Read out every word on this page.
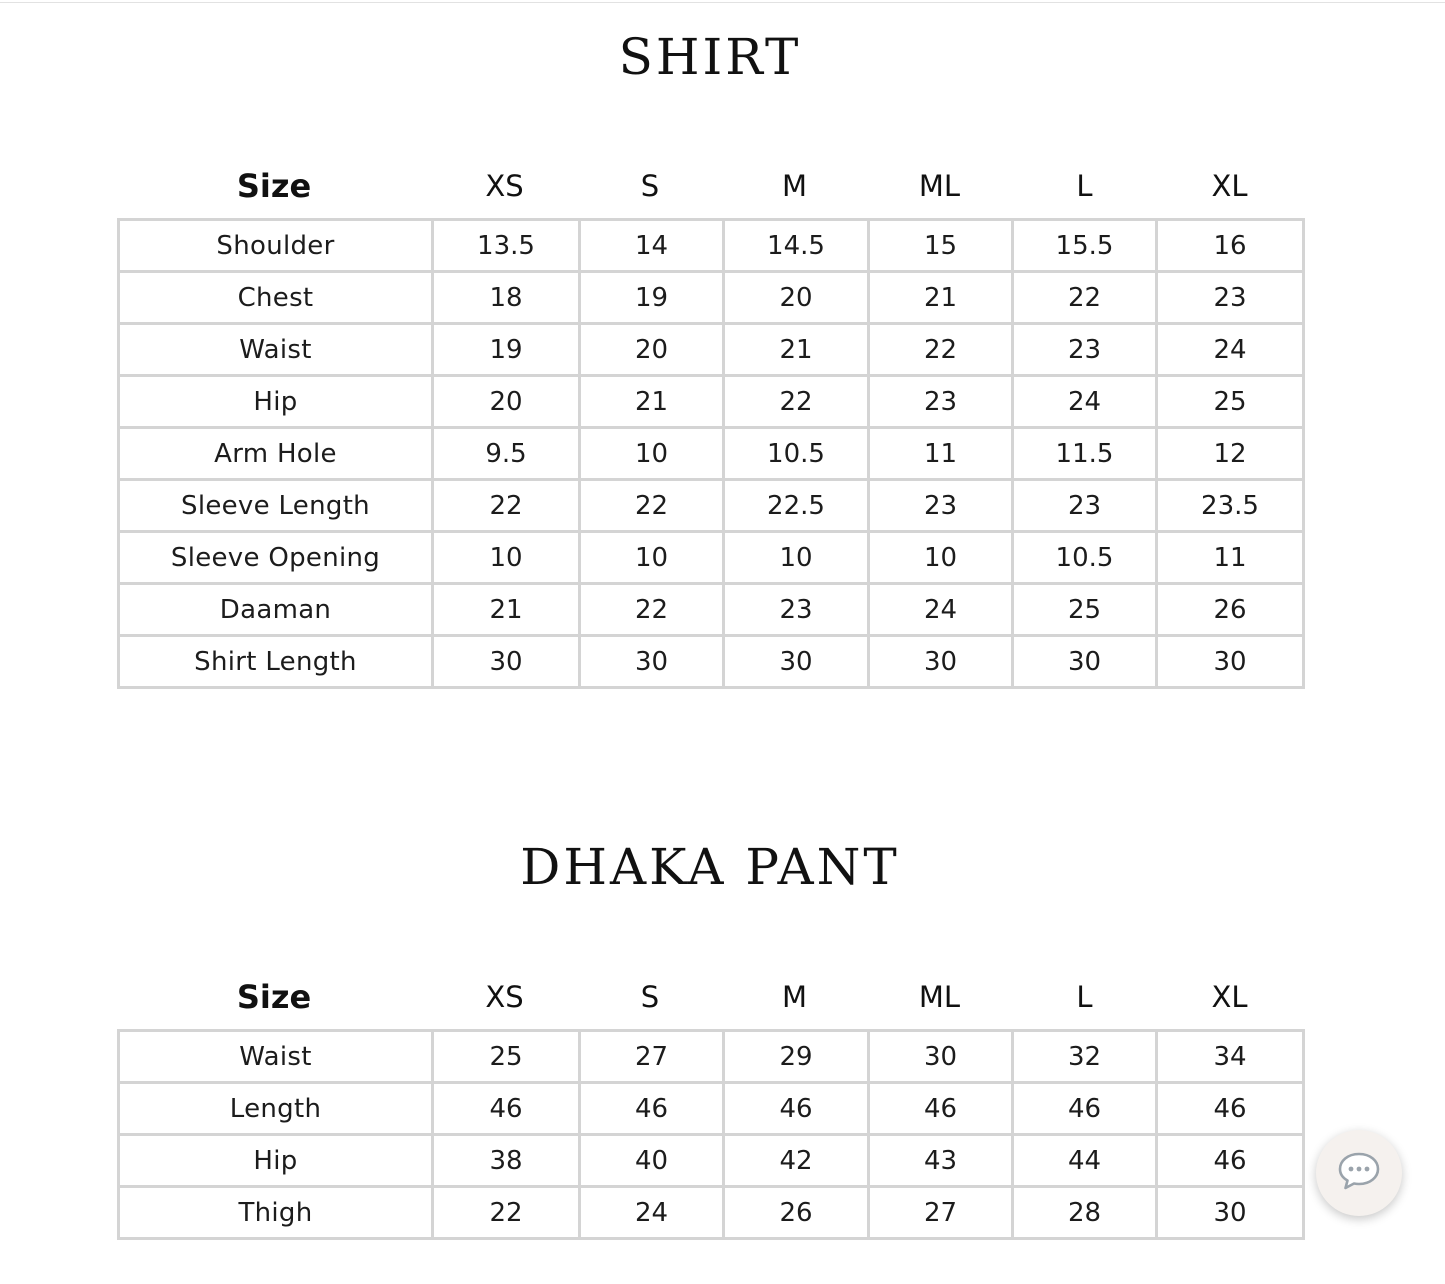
SHIRT
Size	XS	S	M	ML	L	XL
Shoulder	13.5	14	14.5	15	15.5	16
Chest	18	19	20	21	22	23
Waist	19	20	21	22	23	24
Hip	20	21	22	23	24	25
Arm Hole	9.5	10	10.5	11	11.5	12
Sleeve Length	22	22	22.5	23	23	23.5
Sleeve Opening	10	10	10	10	10.5	11
Daaman	21	22	23	24	25	26
Shirt Length	30	30	30	30	30	30
DHAKA PANT
Size	XS	S	M	ML	L	XL
Waist	25	27	29	30	32	34
Length	46	46	46	46	46	46
Hip	38	40	42	43	44	46
Thigh	22	24	26	27	28	30
